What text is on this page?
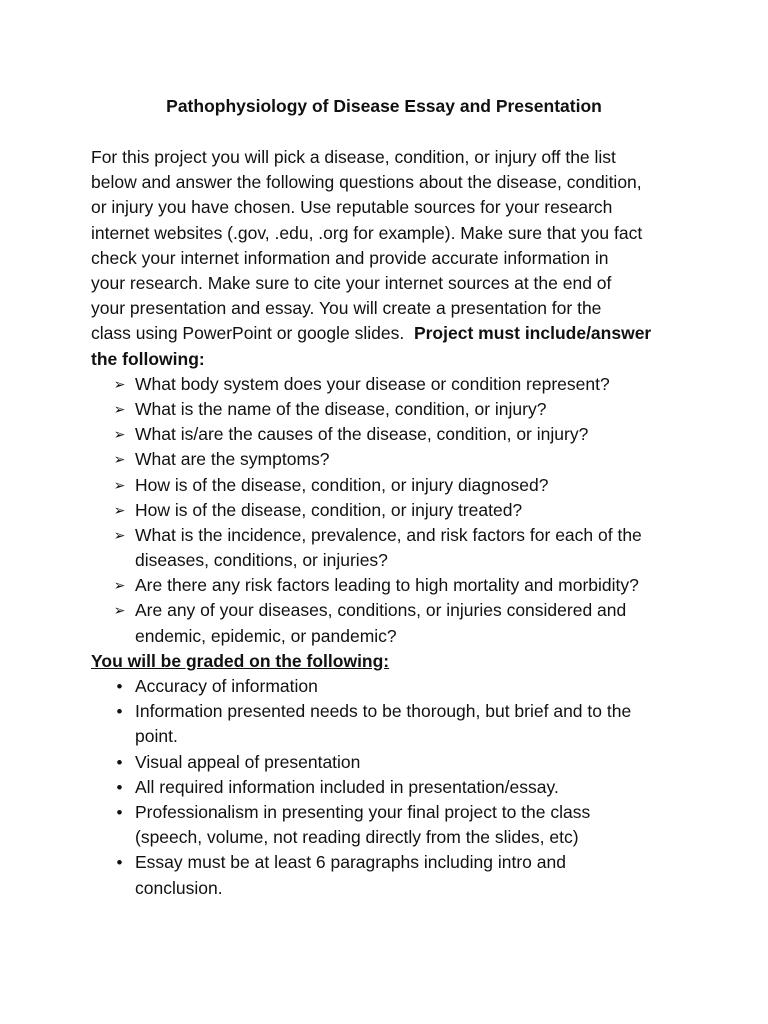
Pathophysiology of Disease Essay and Presentation
For this project you will pick a disease, condition, or injury off the list
below and answer the following questions about the disease, condition,
or injury you have chosen. Use reputable sources for your research
internet websites (.gov, .edu, .org for example). Make sure that you fact
check your internet information and provide accurate information in
your research. Make sure to cite your internet sources at the end of
your presentation and essay. You will create a presentation for the
class using PowerPoint or google slides.  Project must include/answer
the following:
➢ What body system does your disease or condition represent?
➢ What is the name of the disease, condition, or injury?
➢ What is/are the causes of the disease, condition, or injury?
➢ What are the symptoms?
➢ How is of the disease, condition, or injury diagnosed?
➢ How is of the disease, condition, or injury treated?
➢ What is the incidence, prevalence, and risk factors for each of the
diseases, conditions, or injuries?
➢ Are there any risk factors leading to high mortality and morbidity?
➢ Are any of your diseases, conditions, or injuries considered and
endemic, epidemic, or pandemic?
You will be graded on the following:
• Accuracy of information
• Information presented needs to be thorough, but brief and to the
point.
• Visual appeal of presentation
• All required information included in presentation/essay.
• Professionalism in presenting your final project to the class
(speech, volume, not reading directly from the slides, etc)
• Essay must be at least 6 paragraphs including intro and
conclusion.
